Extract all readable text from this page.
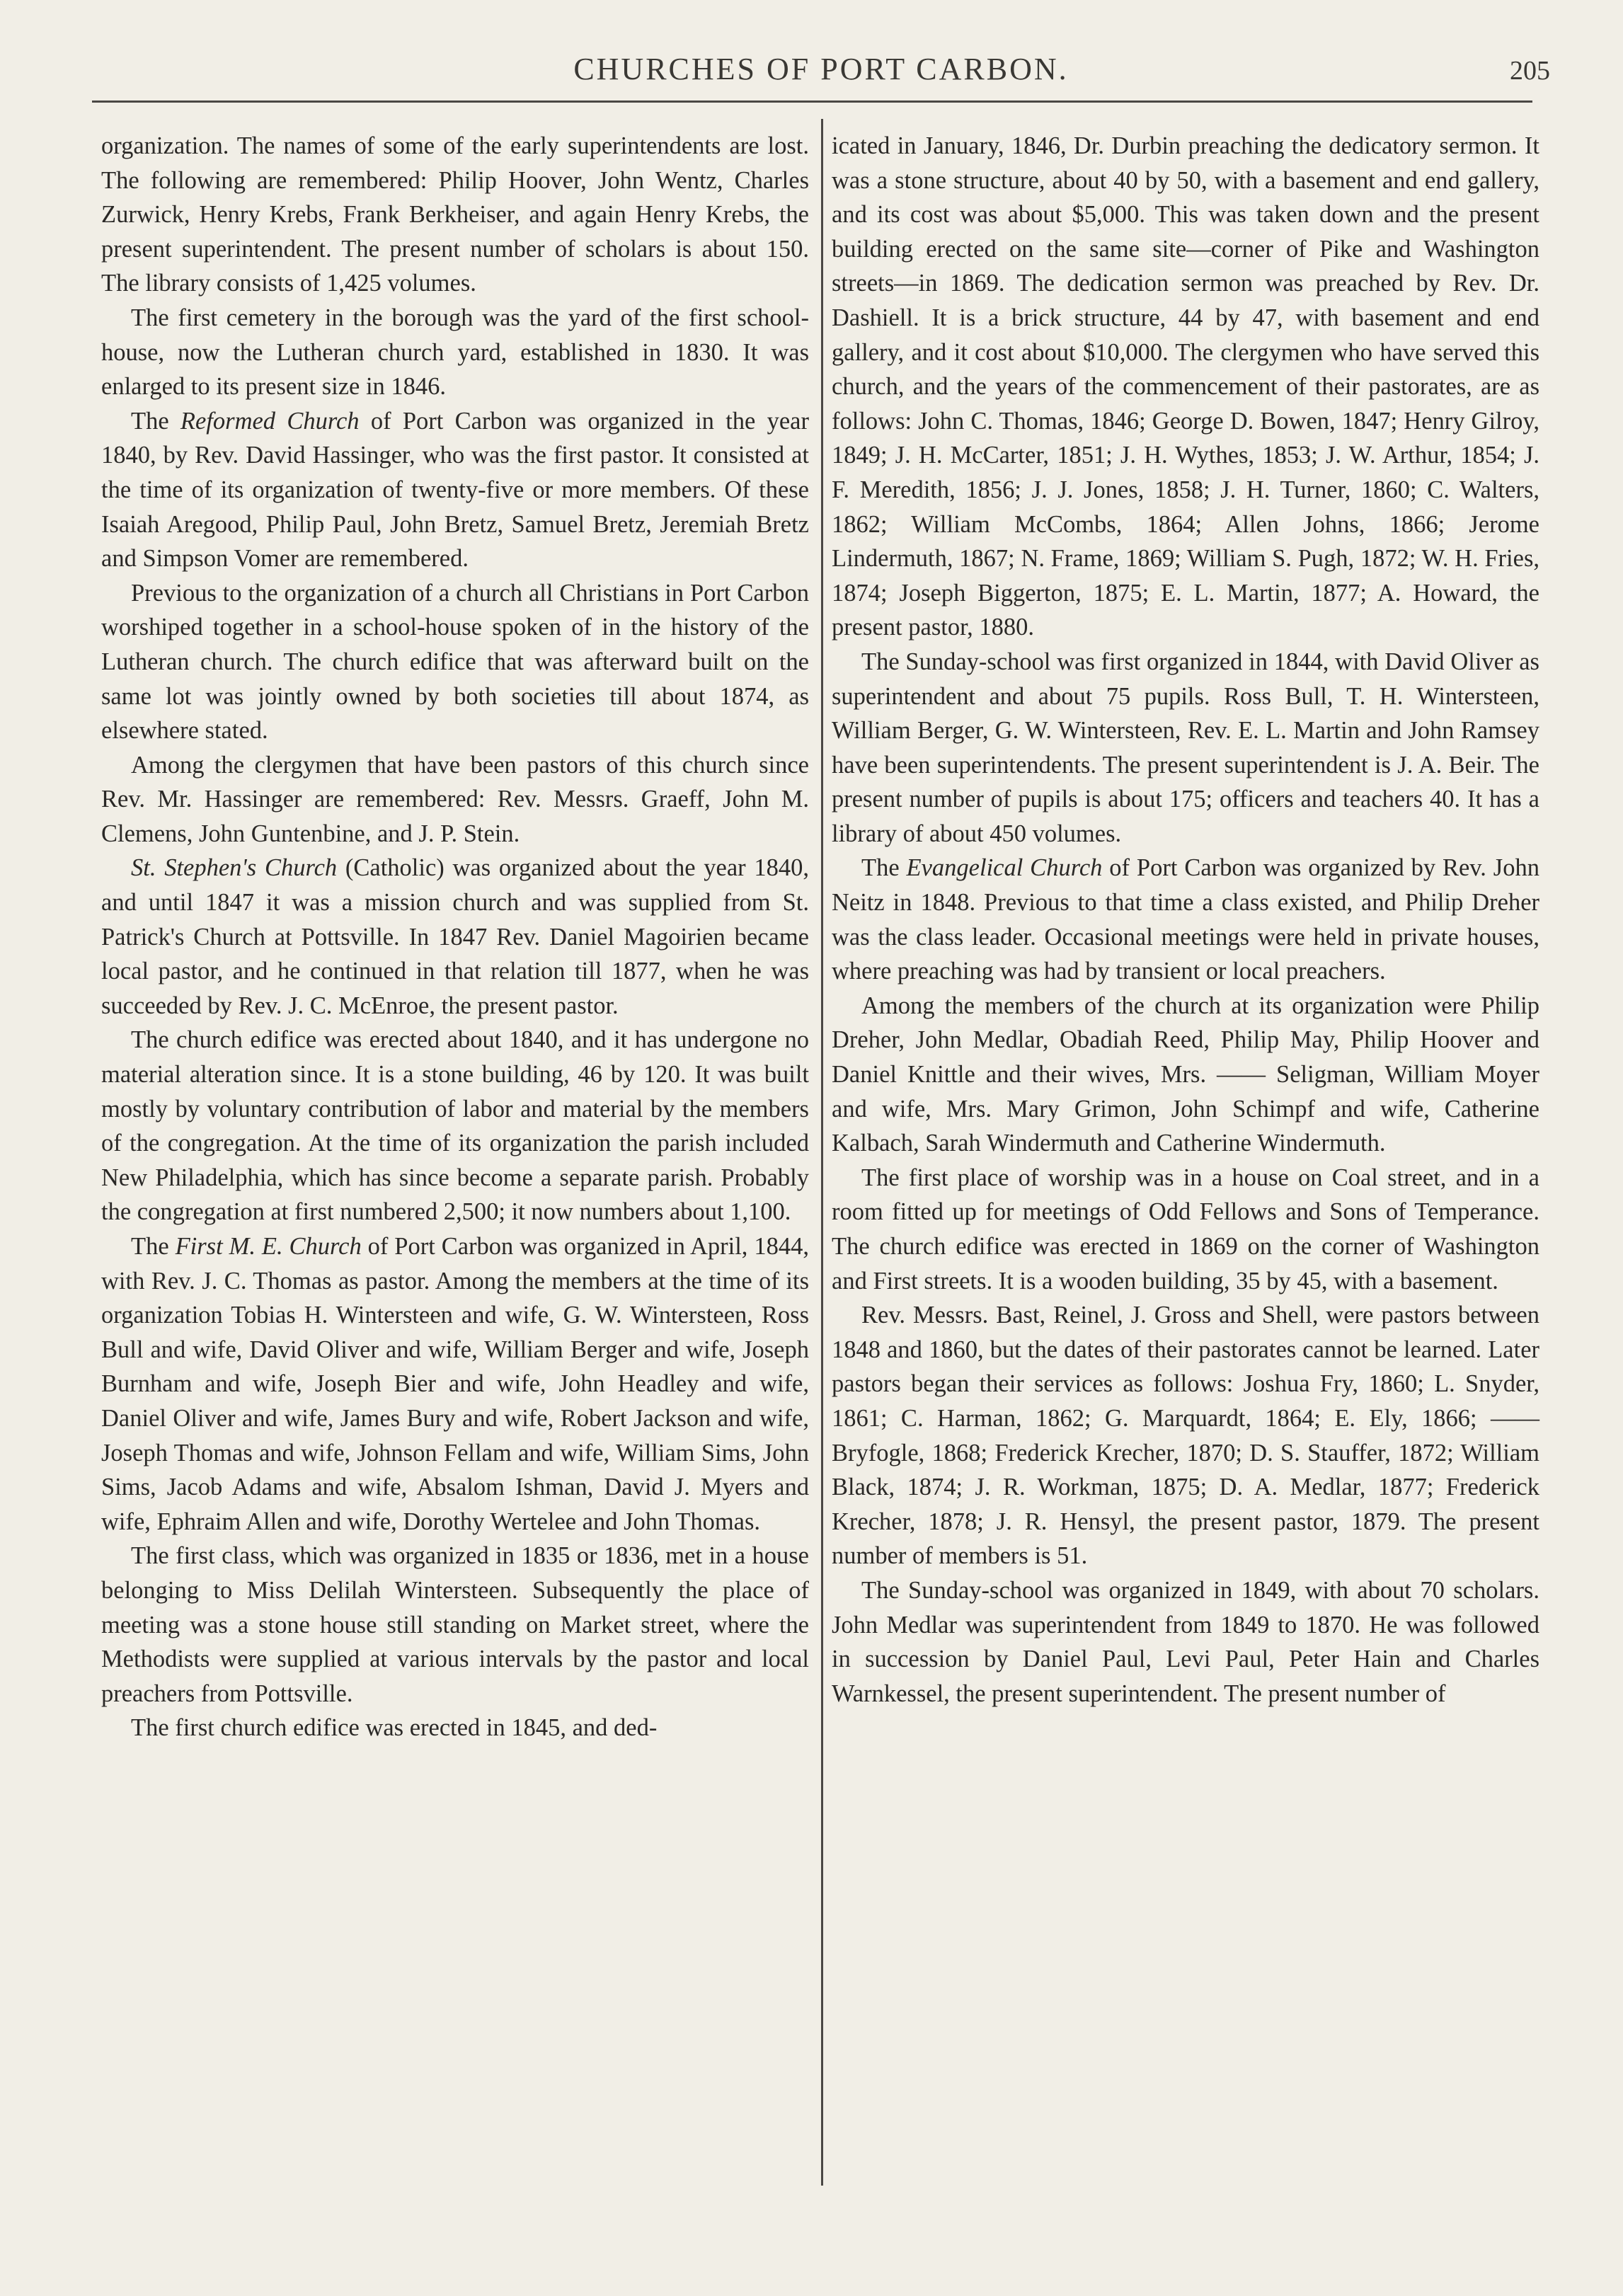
CHURCHES OF PORT CARBON.	205

organization. The names of some of the early superintendents are lost. The following are remembered: Philip Hoover, John Wentz, Charles Zurwick, Henry Krebs, Frank Berkheiser, and again Henry Krebs, the present superintendent. The present number of scholars is about 150. The library consists of 1,425 volumes.

The first cemetery in the borough was the yard of the first school-house, now the Lutheran church yard, established in 1830. It was enlarged to its present size in 1846.

The Reformed Church of Port Carbon was organized in the year 1840, by Rev. David Hassinger, who was the first pastor. It consisted at the time of its organization of twenty-five or more members. Of these Isaiah Aregood, Philip Paul, John Bretz, Samuel Bretz, Jeremiah Bretz and Simpson Vomer are remembered.

Previous to the organization of a church all Christians in Port Carbon worshiped together in a school-house spoken of in the history of the Lutheran church. The church edifice that was afterward built on the same lot was jointly owned by both societies till about 1874, as elsewhere stated.

Among the clergymen that have been pastors of this church since Rev. Mr. Hassinger are remembered: Rev. Messrs. Graeff, John M. Clemens, John Guntenbine, and J. P. Stein.

St. Stephen's Church (Catholic) was organized about the year 1840, and until 1847 it was a mission church and was supplied from St. Patrick's Church at Pottsville. In 1847 Rev. Daniel Magoirien became local pastor, and he continued in that relation till 1877, when he was succeeded by Rev. J. C. McEnroe, the present pastor.

The church edifice was erected about 1840, and it has undergone no material alteration since. It is a stone building, 46 by 120. It was built mostly by voluntary contribution of labor and material by the members of the congregation. At the time of its organization the parish included New Philadelphia, which has since become a separate parish. Probably the congregation at first numbered 2,500; it now numbers about 1,100.

The First M. E. Church of Port Carbon was organized in April, 1844, with Rev. J. C. Thomas as pastor. Among the members at the time of its organization Tobias H. Wintersteen and wife, G. W. Wintersteen, Ross Bull and wife, David Oliver and wife, William Berger and wife, Joseph Burnham and wife, Joseph Bier and wife, John Headley and wife, Daniel Oliver and wife, James Bury and wife, Robert Jackson and wife, Joseph Thomas and wife, Johnson Fellam and wife, William Sims, John Sims, Jacob Adams and wife, Absalom Ishman, David J. Myers and wife, Ephraim Allen and wife, Dorothy Wertelee and John Thomas.

The first class, which was organized in 1835 or 1836, met in a house belonging to Miss Delilah Wintersteen. Subsequently the place of meeting was a stone house still standing on Market street, where the Methodists were supplied at various intervals by the pastor and local preachers from Pottsville.

The first church edifice was erected in 1845, and ded-

icated in January, 1846, Dr. Durbin preaching the dedicatory sermon. It was a stone structure, about 40 by 50, with a basement and end gallery, and its cost was about $5,000. This was taken down and the present building erected on the same site—corner of Pike and Washington streets—in 1869. The dedication sermon was preached by Rev. Dr. Dashiell. It is a brick structure, 44 by 47, with basement and end gallery, and it cost about $10,000. The clergymen who have served this church, and the years of the commencement of their pastorates, are as follows: John C. Thomas, 1846; George D. Bowen, 1847; Henry Gilroy, 1849; J. H. McCarter, 1851; J. H. Wythes, 1853; J. W. Arthur, 1854; J. F. Meredith, 1856; J. J. Jones, 1858; J. H. Turner, 1860; C. Walters, 1862; William McCombs, 1864; Allen Johns, 1866; Jerome Lindermuth, 1867; N. Frame, 1869; William S. Pugh, 1872; W. H. Fries, 1874; Joseph Biggerton, 1875; E. L. Martin, 1877; A. Howard, the present pastor, 1880.

The Sunday-school was first organized in 1844, with David Oliver as superintendent and about 75 pupils. Ross Bull, T. H. Wintersteen, William Berger, G. W. Wintersteen, Rev. E. L. Martin and John Ramsey have been superintendents. The present superintendent is J. A. Beir. The present number of pupils is about 175; officers and teachers 40. It has a library of about 450 volumes.

The Evangelical Church of Port Carbon was organized by Rev. John Neitz in 1848. Previous to that time a class existed, and Philip Dreher was the class leader. Occasional meetings were held in private houses, where preaching was had by transient or local preachers.

Among the members of the church at its organization were Philip Dreher, John Medlar, Obadiah Reed, Philip May, Philip Hoover and Daniel Knittle and their wives, Mrs. —— Seligman, William Moyer and wife, Mrs. Mary Grimon, John Schimpf and wife, Catherine Kalbach, Sarah Windermuth and Catherine Windermuth.

The first place of worship was in a house on Coal street, and in a room fitted up for meetings of Odd Fellows and Sons of Temperance. The church edifice was erected in 1869 on the corner of Washington and First streets. It is a wooden building, 35 by 45, with a basement.

Rev. Messrs. Bast, Reinel, J. Gross and Shell, were pastors between 1848 and 1860, but the dates of their pastorates cannot be learned. Later pastors began their services as follows: Joshua Fry, 1860; L. Snyder, 1861; C. Harman, 1862; G. Marquardt, 1864; E. Ely, 1866; —— Bryfogle, 1868; Frederick Krecher, 1870; D. S. Stauffer, 1872; William Black, 1874; J. R. Workman, 1875; D. A. Medlar, 1877; Frederick Krecher, 1878; J. R. Hensyl, the present pastor, 1879. The present number of members is 51.

The Sunday-school was organized in 1849, with about 70 scholars. John Medlar was superintendent from 1849 to 1870. He was followed in succession by Daniel Paul, Levi Paul, Peter Hain and Charles Warnkessel, the present superintendent. The present number of
